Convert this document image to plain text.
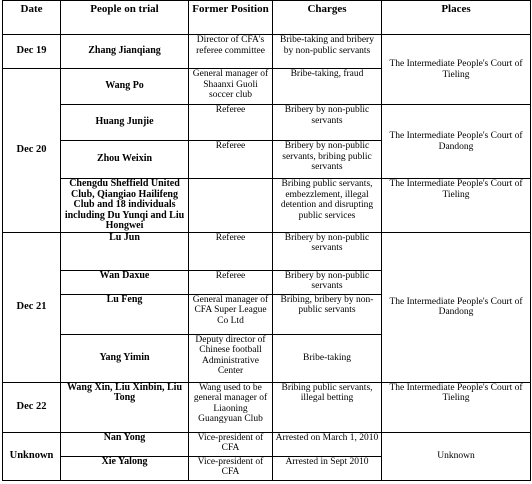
Date	People on trial	Former Position	Charges	Places
Dec 19	Zhang Jianqiang	Director of CFA's referee committee	Bribe-taking and bribery by non-public servants	The Intermediate People's Court of Tieling
Dec 20	Wang Po	General manager of Shaanxi Guoli soccer club	Bribe-taking, fraud	
	Huang Junjie	Referee	Bribery by non-public servants	The Intermediate People's Court of Dandong
	Zhou Weixin	Referee	Bribery by non-public servants, bribing public servants	
	Chengdu Sheffield United Club, Qiangiao Hailifeng Club and 18 individuals including Du Yunqi and Liu Hongwei		Bribing public servants, embezzlement, illegal detention and disrupting public services	The Intermediate People's Court of Tieling
Dec 21	Lu Jun	Referee	Bribery by non-public servants	The Intermediate People's Court of Dandong
	Wan Daxue	Referee	Bribery by non-public servants	
	Lu Feng	General manager of CFA Super League Co Ltd	Bribing, bribery by non-public servants	
	Yang Yimin	Deputy director of Chinese football Administrative Center	Bribe-taking	
Dec 22	Wang Xin, Liu Xinbin, Liu Tong	Wang used to be general manager of Liaoning Guangyuan Club	Bribing public servants, illegal betting	The Intermediate People's Court of Tieling
Unknown	Nan Yong	Vice-president of CFA	Arrested on March 1, 2010	Unknown
	Xie Yalong	Vice-president of CFA	Arrested in Sept 2010	
